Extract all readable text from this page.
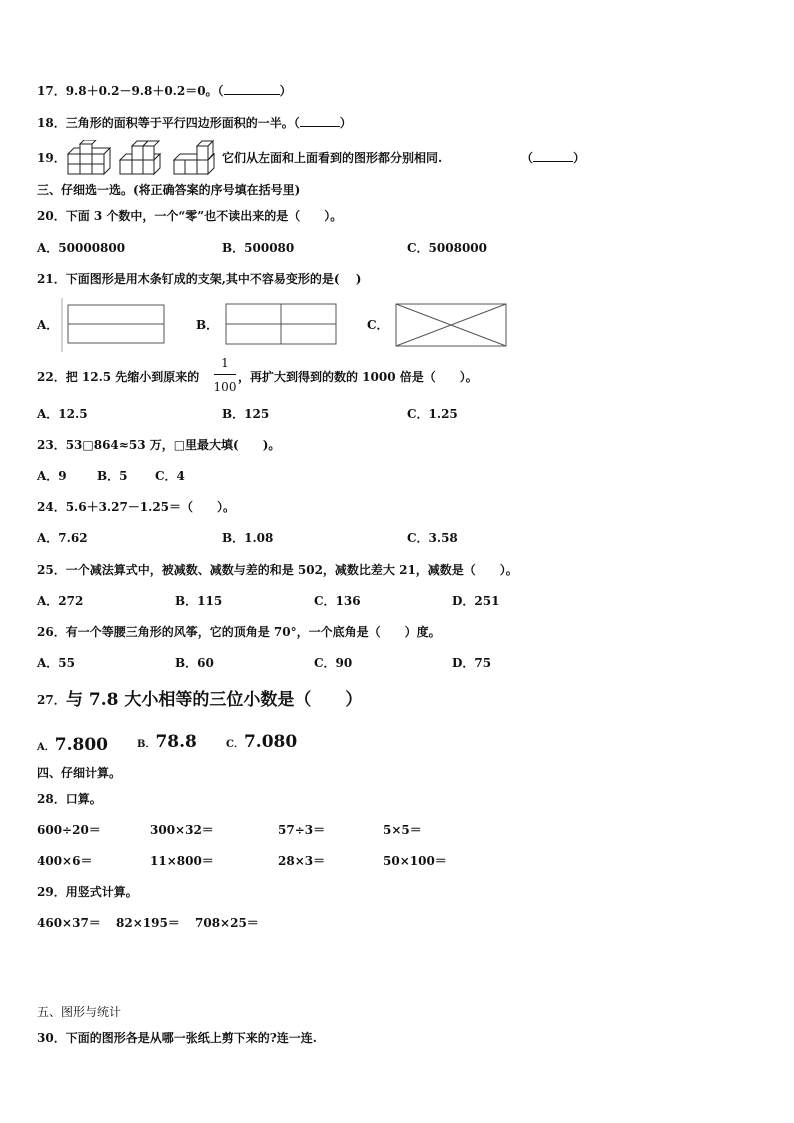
17．9.8＋0.2－9.8＋0.2＝0。（	）
18．三角形的面积等于平行四边形面积的一半。（	）
19．	它们从左面和上面看到的图形都分别相同.	（	）
三、仔细选一选。(将正确答案的序号填在括号里)
20．下面 3 个数中，一个“零”也不读出来的是（　　）。
A．50000800	B．500080	C．5008000
21．下面图形是用木条钉成的支架,其中不容易变形的是(　 )
A．	B．	C．
22．把 12.5 先缩小到原来的
1
100
，再扩大到得到的数的 1000 倍是（　　）。
A．12.5	B．125	C．1.25
23．53□864≈53 万，□里最大填(　　)。
A．9	B．5 C．4
24．5.6＋3.27－1.25＝（　　）。
A．7.62	B．1.08	C．3.58
25．一个减法算式中，被减数、减数与差的和是 502，减数比差大 21，减数是（　　）。
A．272	B．115	C．136	D．251
26．有一个等腰三角形的风筝，它的顶角是 70°，一个底角是（　　）度。
A．55	B．60	C．90	D．75
27． 与 7.8 大小相等的三位小数是（　　）
A．7.800	B．78.8	C．7.080
四、仔细计算。
28．口算。
600÷20＝	300×32＝	57÷3＝	5×5＝
400×6＝	11×800＝	28×3＝	50×100＝
29．用竖式计算。
460×37＝ 82×195＝ 708×25＝
五、图形与统计
30．下面的图形各是从哪一张纸上剪下来的?连一连.
